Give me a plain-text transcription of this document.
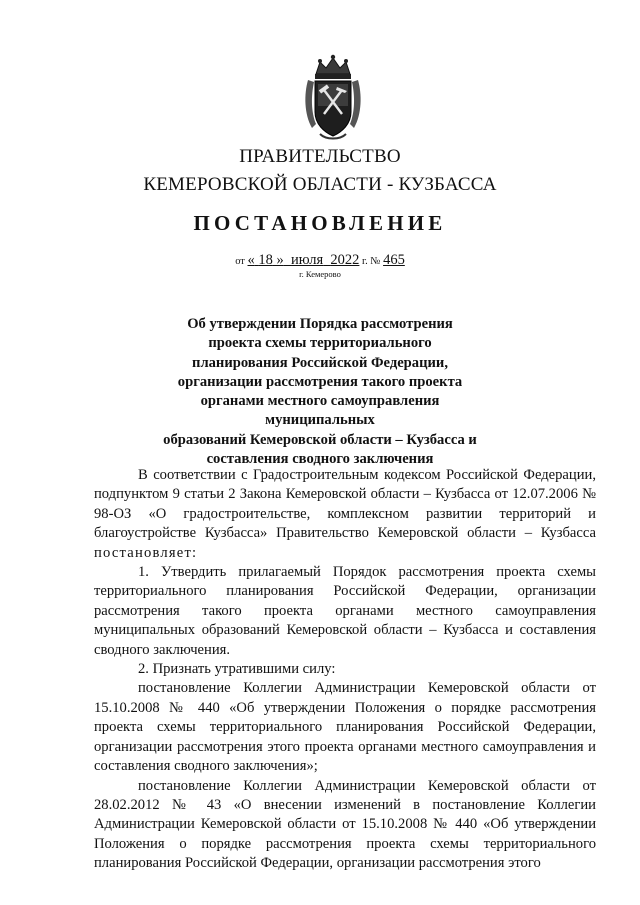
ПРАВИТЕЛЬСТВО
КЕМЕРОВСКОЙ ОБЛАСТИ - КУЗБАССА
ПОСТАНОВЛЕНИЕ
от « 18 » июля 2022 г. № 465
г. Кемерово
Об утверждении Порядка рассмотрения
проекта схемы территориального
планирования Российской Федерации,
организации рассмотрения такого проекта
органами местного самоуправления муниципальных
образований Кемеровской области – Кузбасса и
составления сводного заключения

В соответствии с Градостроительным кодексом Российской Федерации, подпунктом 9 статьи 2 Закона Кемеровской области – Кузбасса от 12.07.2006 № 98-ОЗ «О градостроительстве, комплексном развитии территорий и благоустройстве Кузбасса» Правительство Кемеровской области – Кузбасса постановляет:

1. Утвердить прилагаемый Порядок рассмотрения проекта схемы территориального планирования Российской Федерации, организации рассмотрения такого проекта органами местного самоуправления муниципальных образований Кемеровской области – Кузбасса и составления сводного заключения.

2. Признать утратившими силу:

постановление Коллегии Администрации Кемеровской области от 15.10.2008 № 440 «Об утверждении Положения о порядке рассмотрения проекта схемы территориального планирования Российской Федерации, организации рассмотрения этого проекта органами местного самоуправления и составления сводного заключения»;

постановление Коллегии Администрации Кемеровской области от 28.02.2012 № 43 «О внесении изменений в постановление Коллегии Администрации Кемеровской области от 15.10.2008 № 440 «Об утверждении Положения о порядке рассмотрения проекта схемы территориального планирования Российской Федерации, организации рассмотрения этого
